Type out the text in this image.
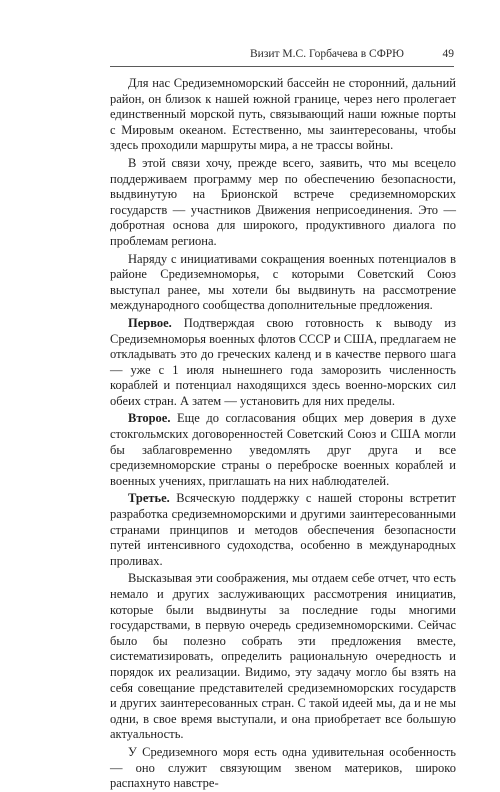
Визит М.С. Горбачева в СФРЮ	49

Для нас Средиземноморский бассейн не сторонний, дальний район, он близок к нашей южной границе, через него пролегает единственный морской путь, связывающий наши южные порты с Мировым океаном. Естественно, мы заинтересованы, чтобы здесь проходили маршруты мира, а не трассы войны.

В этой связи хочу, прежде всего, заявить, что мы всецело поддерживаем программу мер по обеспечению безопасности, выдвинутую на Брионской встрече средиземноморских государств — участников Движения неприсоединения. Это — добротная основа для широкого, продуктивного диалога по проблемам региона.

Наряду с инициативами сокращения военных потенциалов в районе Средиземноморья, с которыми Советский Союз выступал ранее, мы хотели бы выдвинуть на рассмотрение международного сообщества дополнительные предложения.

Первое. Подтверждая свою готовность к выводу из Средиземноморья военных флотов СССР и США, предлагаем не откладывать это до греческих календ и в качестве первого шага — уже с 1 июля нынешнего года заморозить численность кораблей и потенциал находящихся здесь военно-морских сил обеих стран. А затем — установить для них пределы.

Второе. Еще до согласования общих мер доверия в духе стокгольмских договоренностей Советский Союз и США могли бы заблаговременно уведомлять друг друга и все средиземноморские страны о переброске военных кораблей и военных учениях, приглашать на них наблюдателей.

Третье. Всяческую поддержку с нашей стороны встретит разработка средиземноморскими и другими заинтересованными странами принципов и методов обеспечения безопасности путей интенсивного судоходства, особенно в международных проливах.

Высказывая эти соображения, мы отдаем себе отчет, что есть немало и других заслуживающих рассмотрения инициатив, которые были выдвинуты за последние годы многими государствами, в первую очередь средиземноморскими. Сейчас было бы полезно собрать эти предложения вместе, систематизировать, определить рациональную очередность и порядок их реализации. Видимо, эту задачу могло бы взять на себя совещание представителей средиземноморских государств и других заинтересованных стран. С такой идеей мы, да и не мы одни, в свое время выступали, и она приобретает все большую актуальность.

У Средиземного моря есть одна удивительная особенность — оно служит связующим звеном материков, широко распахнуто навстре-
